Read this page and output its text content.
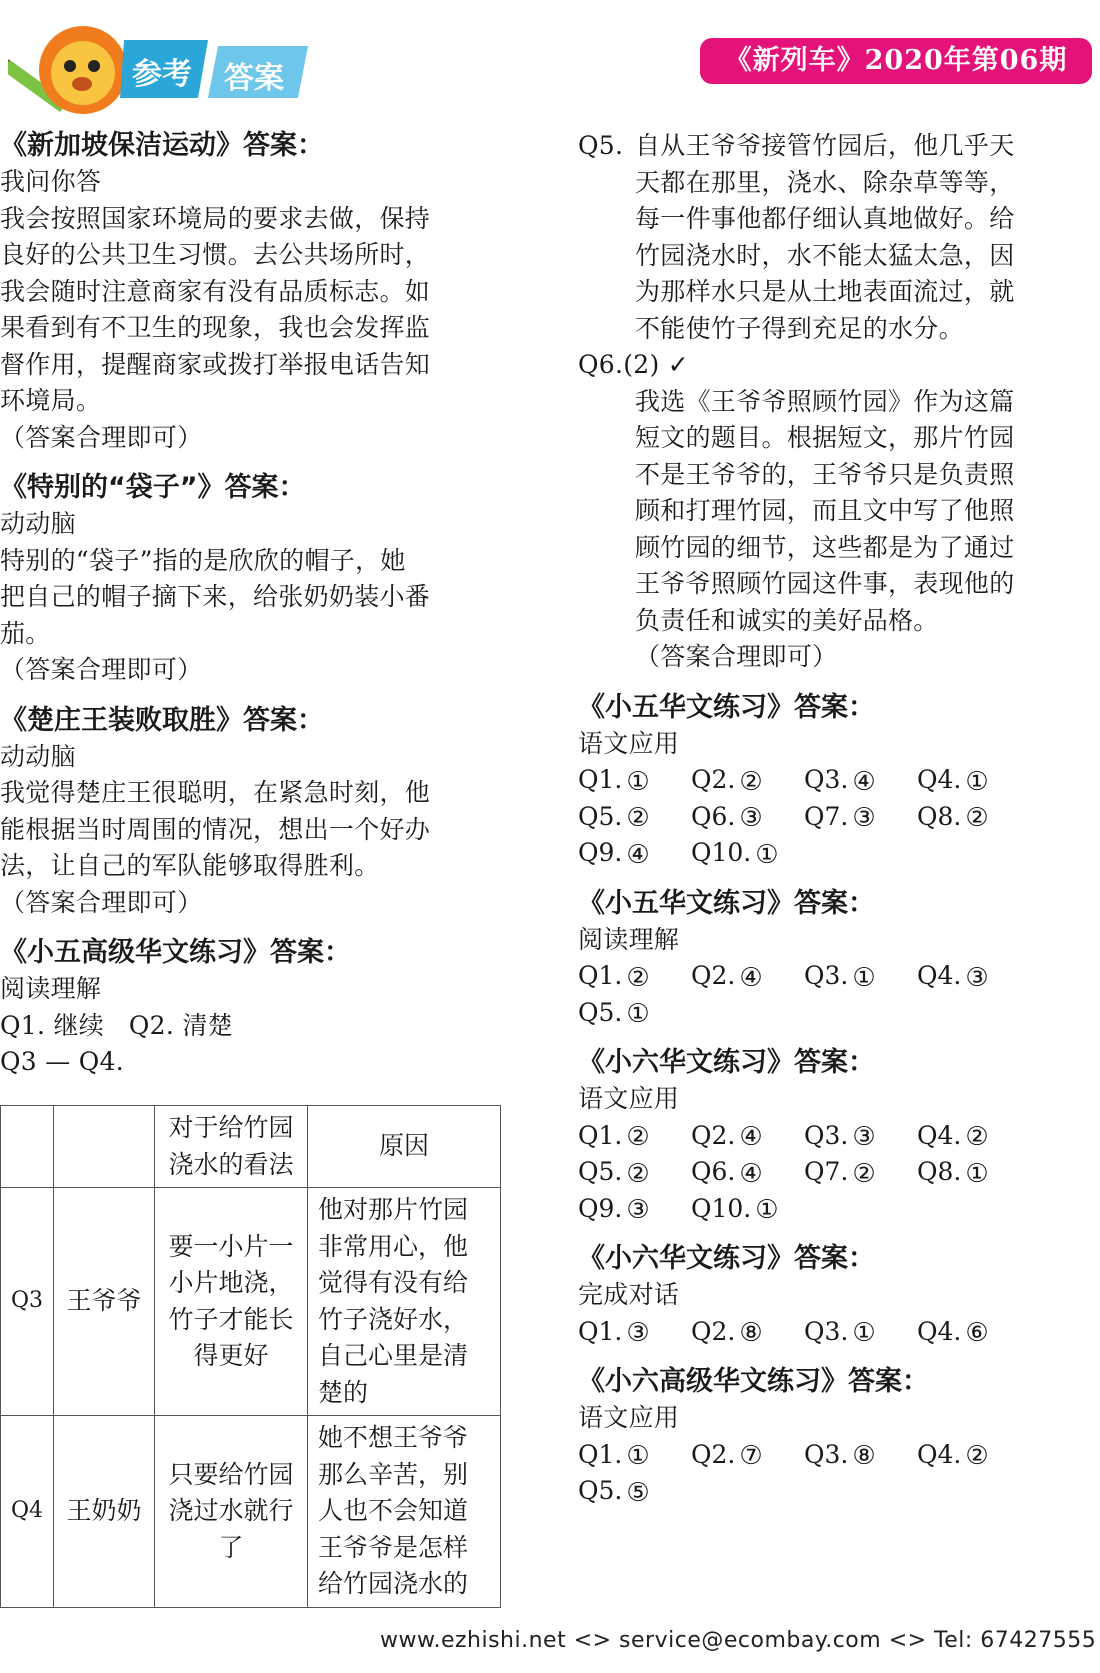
参考 答案
《新列车》2020年第06期

《新加坡保洁运动》答案：

我问你答

我会按照国家环境局的要求去做，保持

良好的公共卫生习惯。去公共场所时，

我会随时注意商家有没有品质标志。如

果看到有不卫生的现象，我也会发挥监

督作用，提醒商家或拨打举报电话告知

环境局。

（答案合理即可）

《特别的“袋子”》答案：

动动脑

特别的“袋子”指的是欣欣的帽子，她

把自己的帽子摘下来，给张奶奶装小番

茄。

（答案合理即可）

《楚庄王装败取胜》答案：

动动脑

我觉得楚庄王很聪明，在紧急时刻，他

能根据当时周围的情况，想出一个好办

法，让自己的军队能够取得胜利。

（答案合理即可）

《小五高级华文练习》答案：

阅读理解

Q1. 继续   Q2. 清楚

Q3 — Q4.

		对于给竹园浇水的看法	原因
Q3	王爷爷	要一小片一小片地浇，竹子才能长得更好	他对那片竹园非常用心，他觉得有没有给竹子浇好水，自己心里是清楚的
Q4	王奶奶	只要给竹园浇过水就行了	她不想王爷爷那么辛苦，别人也不会知道王爷爷是怎样给竹园浇水的
Q5. 自从王爷爷接管竹园后，他几乎天

天都在那里，浇水、除杂草等等，

每一件事他都仔细认真地做好。给

竹园浇水时，水不能太猛太急，因

为那样水只是从土地表面流过，就

不能使竹子得到充足的水分。

Q6.(2) ✓

我选《王爷爷照顾竹园》作为这篇

短文的题目。根据短文，那片竹园

不是王爷爷的，王爷爷只是负责照

顾和打理竹园，而且文中写了他照

顾竹园的细节，这些都是为了通过

王爷爷照顾竹园这件事，表现他的

负责任和诚实的美好品格。

（答案合理即可）

《小五华文练习》答案：

语文应用

Q1. ①	Q2. ②	Q3. ④	Q4. ①
Q5. ②	Q6. ③	Q7. ③	Q8. ②
Q9. ④	Q10. ①

《小五华文练习》答案：

阅读理解

Q1. ②	Q2. ④	Q3. ①	Q4. ③
Q5. ①

《小六华文练习》答案：

语文应用

Q1. ②	Q2. ④	Q3. ③	Q4. ②
Q5. ②	Q6. ④	Q7. ②	Q8. ①
Q9. ③	Q10. ①

《小六华文练习》答案：

完成对话

Q1. ③	Q2. ⑧	Q3. ①	Q4. ⑥

《小六高级华文练习》答案：

语文应用

Q1. ①	Q2. ⑦	Q3. ⑧	Q4. ②
Q5. ⑤
www.ezhishi.net <> service@ecombay.com <> Tel: 67427555
